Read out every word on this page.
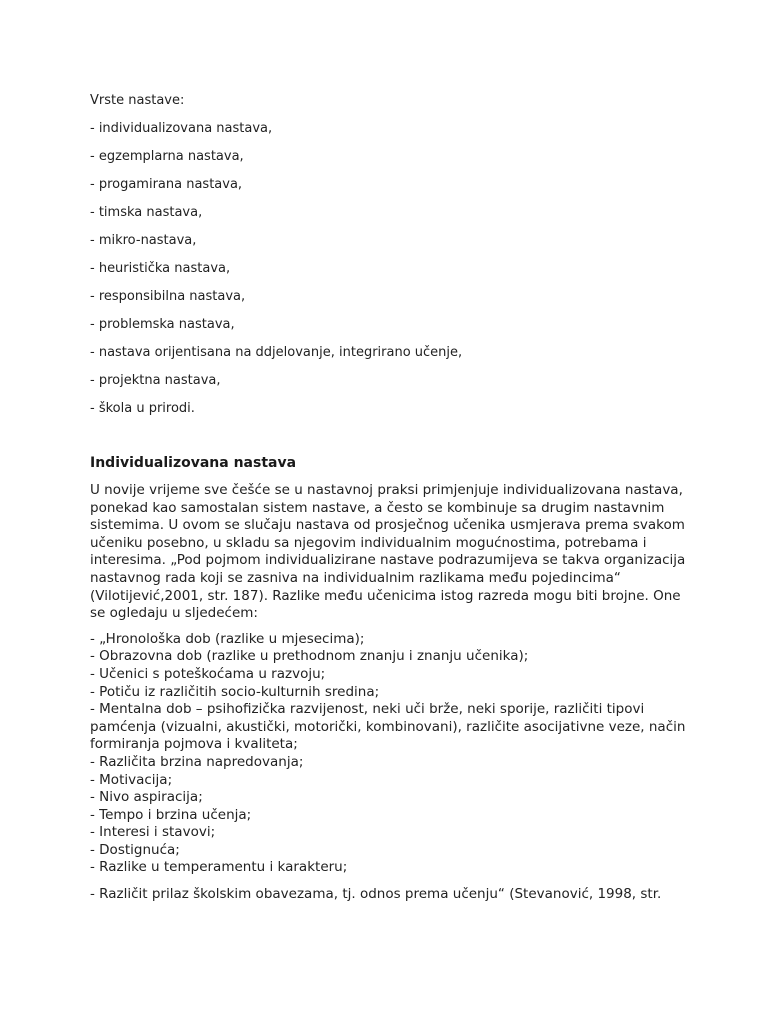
Vrste nastave:

- individualizovana nastava,
- egzemplarna nastava,
- progamirana nastava,
- timska nastava,
- mikro-nastava,
- heuristička nastava,
- responsibilna nastava,
- problemska nastava,
- nastava orijentisana na ddjelovanje, integrirano učenje,
- projektna nastava,
- škola u prirodi.
Individualizovana nastava

U novije vrijeme sve češće se u nastavnoj praksi primjenjuje individualizovana nastava, ponekad kao samostalan sistem nastave, a često se kombinuje sa drugim nastavnim sistemima. U ovom se slučaju nastava od prosječnog učenika usmjerava prema svakom učeniku posebno, u skladu sa njegovim individualnim mogućnostima, potrebama i interesima. „Pod pojmom individualizirane nastave podrazumijeva se takva organizacija nastavnog rada koji se zasniva na individualnim razlikama među pojedincima“ (Vilotijević,2001, str. 187). Razlike među učenicima istog razreda mogu biti brojne. One se ogledaju u sljedećem:

- „Hronološka dob (razlike u mjesecima);
- Obrazovna dob (razlike u prethodnom znanju i znanju učenika);
- Učenici s poteškoćama u razvoju;
- Potiču iz različitih socio-kulturnih sredina;
- Mentalna dob – psihofizička razvijenost, neki uči brže, neki sporije, različiti tipovi pamćenja (vizualni, akustički, motorički, kombinovani), različite asocijativne veze, način formiranja pojmova i kvaliteta;
- Različita brzina napredovanja;
- Motivacija;
- Nivo aspiracija;
- Tempo i brzina učenja;
- Interesi i stavovi;
- Dostignuća;
- Razlike u temperamentu i karakteru;

- Različit prilaz školskim obavezama, tj. odnos prema učenju“ (Stevanović, 1998, str.
